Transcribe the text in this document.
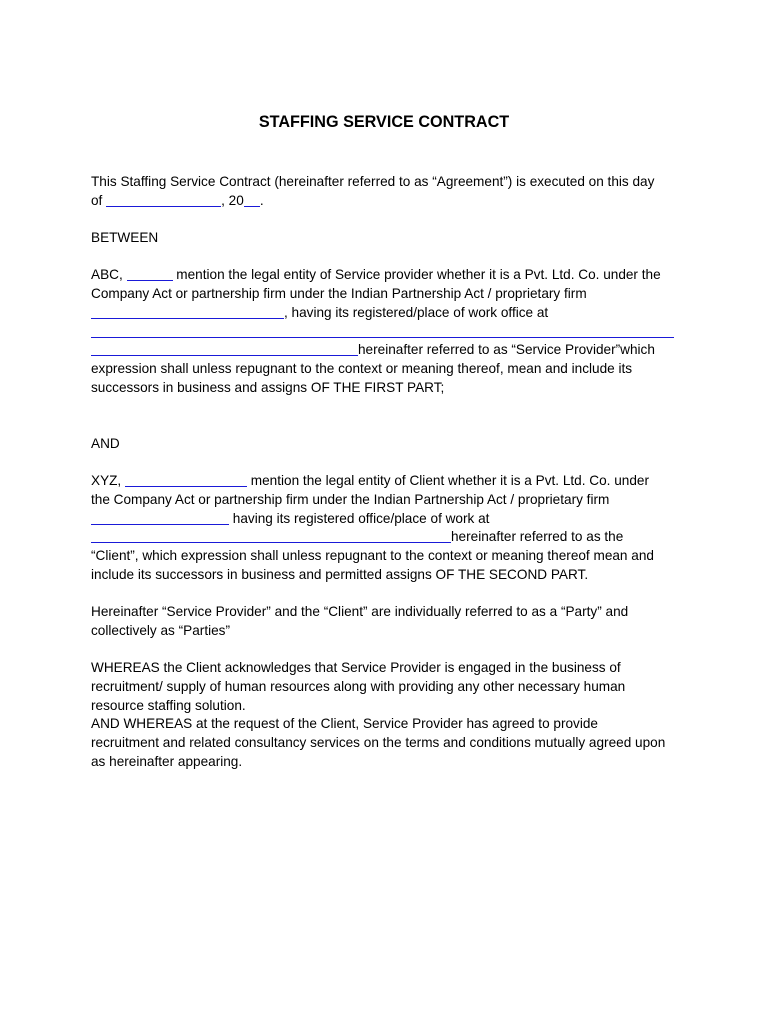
STAFFING SERVICE CONTRACT

This Staffing Service Contract (hereinafter referred to as “Agreement”) is executed on this day

of	, 20 .

BETWEEN

ABC,	mention the legal entity of Service provider whether it is a Pvt. Ltd. Co. under the

Company Act or partnership firm under the Indian Partnership Act / proprietary firm

, having its registered/place of work office at

hereinafter referred to as “Service Provider”which

expression shall unless repugnant to the context or meaning thereof, mean and include its

successors in business and assigns OF THE FIRST PART;

AND

XYZ,	mention the legal entity of Client whether it is a Pvt. Ltd. Co. under

the Company Act or partnership firm under the Indian Partnership Act / proprietary firm

having its registered office/place of work at

hereinafter referred to as the

“Client”, which expression shall unless repugnant to the context or meaning thereof mean and

include its successors in business and permitted assigns OF THE SECOND PART.

Hereinafter “Service Provider” and the “Client” are individually referred to as a “Party” and

collectively as “Parties”

WHEREAS the Client acknowledges that Service Provider is engaged in the business of

recruitment/ supply of human resources along with providing any other necessary human

resource staffing solution.

AND WHEREAS at the request of the Client, Service Provider has agreed to provide

recruitment and related consultancy services on the terms and conditions mutually agreed upon

as hereinafter appearing.
